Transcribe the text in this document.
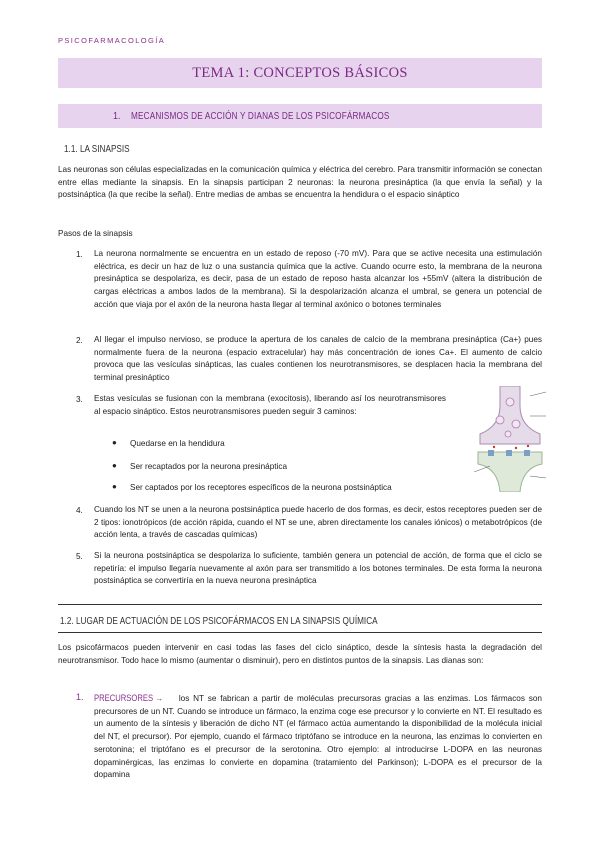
PSICOFARMACOLOGÍA
TEMA 1: CONCEPTOS BÁSICOS
1.	MECANISMOS DE ACCIÓN Y DIANAS DE LOS PSICOFÁRMACOS
1.1. LA SINAPSIS
Las neuronas son células especializadas en la comunicación química y eléctrica del cerebro. Para transmitir información se conectan entre ellas mediante la sinapsis. En la sinapsis participan 2 neuronas: la neurona presináptica (la que envía la señal) y la postsináptica (la que recibe la señal). Entre medias de ambas se encuentra la hendidura o el espacio sináptico
Pasos de la sinapsis
1. La neurona normalmente se encuentra en un estado de reposo (-70 mV). Para que se active necesita una estimulación eléctrica, es decir un haz de luz o una sustancia química que la active. Cuando ocurre esto, la membrana de la neurona presináptica se despolariza, es decir, pasa de un estado de reposo hasta alcanzar los +55mV (altera la distribución de cargas eléctricas a ambos lados de la membrana). Si la despolarización alcanza el umbral, se genera un potencial de acción que viaja por el axón de la neurona hasta llegar al terminal axónico o botones terminales
2. Al llegar el impulso nervioso, se produce la apertura de los canales de calcio de la membrana presináptica (Ca+) pues normalmente fuera de la neurona (espacio extracelular) hay más concentración de iones Ca+. El aumento de calcio provoca que las vesículas sinápticas, las cuales contienen los neurotransmisores, se desplacen hacia la membrana del terminal presináptico
3. Estas vesículas se fusionan con la membrana (exocitosis), liberando así los neurotransmisores al espacio sináptico. Estos neurotransmisores pueden seguir 3 caminos:
● Quedarse en la hendidura
● Ser recaptados por la neurona presináptica
● Ser captados por los receptores específicos de la neurona postsináptica
4. Cuando los NT se unen a la neurona postsináptica puede hacerlo de dos formas, es decir, estos receptores pueden ser de 2 tipos: ionotrópicos (de acción rápida, cuando el NT se une, abren directamente los canales iónicos) o metabotrópicos (de acción lenta, a través de cascadas químicas)
5. Si la neurona postsináptica se despolariza lo suficiente, también genera un potencial de acción, de forma que el ciclo se repetiría: el impulso llegaría nuevamente al axón para ser transmitido a los botones terminales. De esta forma la neurona postsináptica se convertiría en la nueva neurona presináptica
1.2. LUGAR DE ACTUACIÓN DE LOS PSICOFÁRMACOS EN LA SINAPSIS QUÍMICA
Los psicofármacos pueden intervenir en casi todas las fases del ciclo sináptico, desde la síntesis hasta la degradación del neurotransmisor. Todo hace lo mismo (aumentar o disminuir), pero en distintos puntos de la sinapsis. Las dianas son:
1. PRECURSORES → los NT se fabrican a partir de moléculas precursoras gracias a las enzimas. Los fármacos son precursores de un NT. Cuando se introduce un fármaco, la enzima coge ese precursor y lo convierte en NT. El resultado es un aumento de la síntesis y liberación de dicho NT (el fármaco actúa aumentando la disponibilidad de la molécula inicial del NT, el precursor). Por ejemplo, cuando el fármaco triptófano se introduce en la neurona, las enzimas lo convierten en serotonina; el triptófano es el precursor de la serotonina. Otro ejemplo: al introducirse L-DOPA en las neuronas dopaminérgicas, las enzimas lo convierte en dopamina (tratamiento del Parkinson); L-DOPA es el precursor de la dopamina
